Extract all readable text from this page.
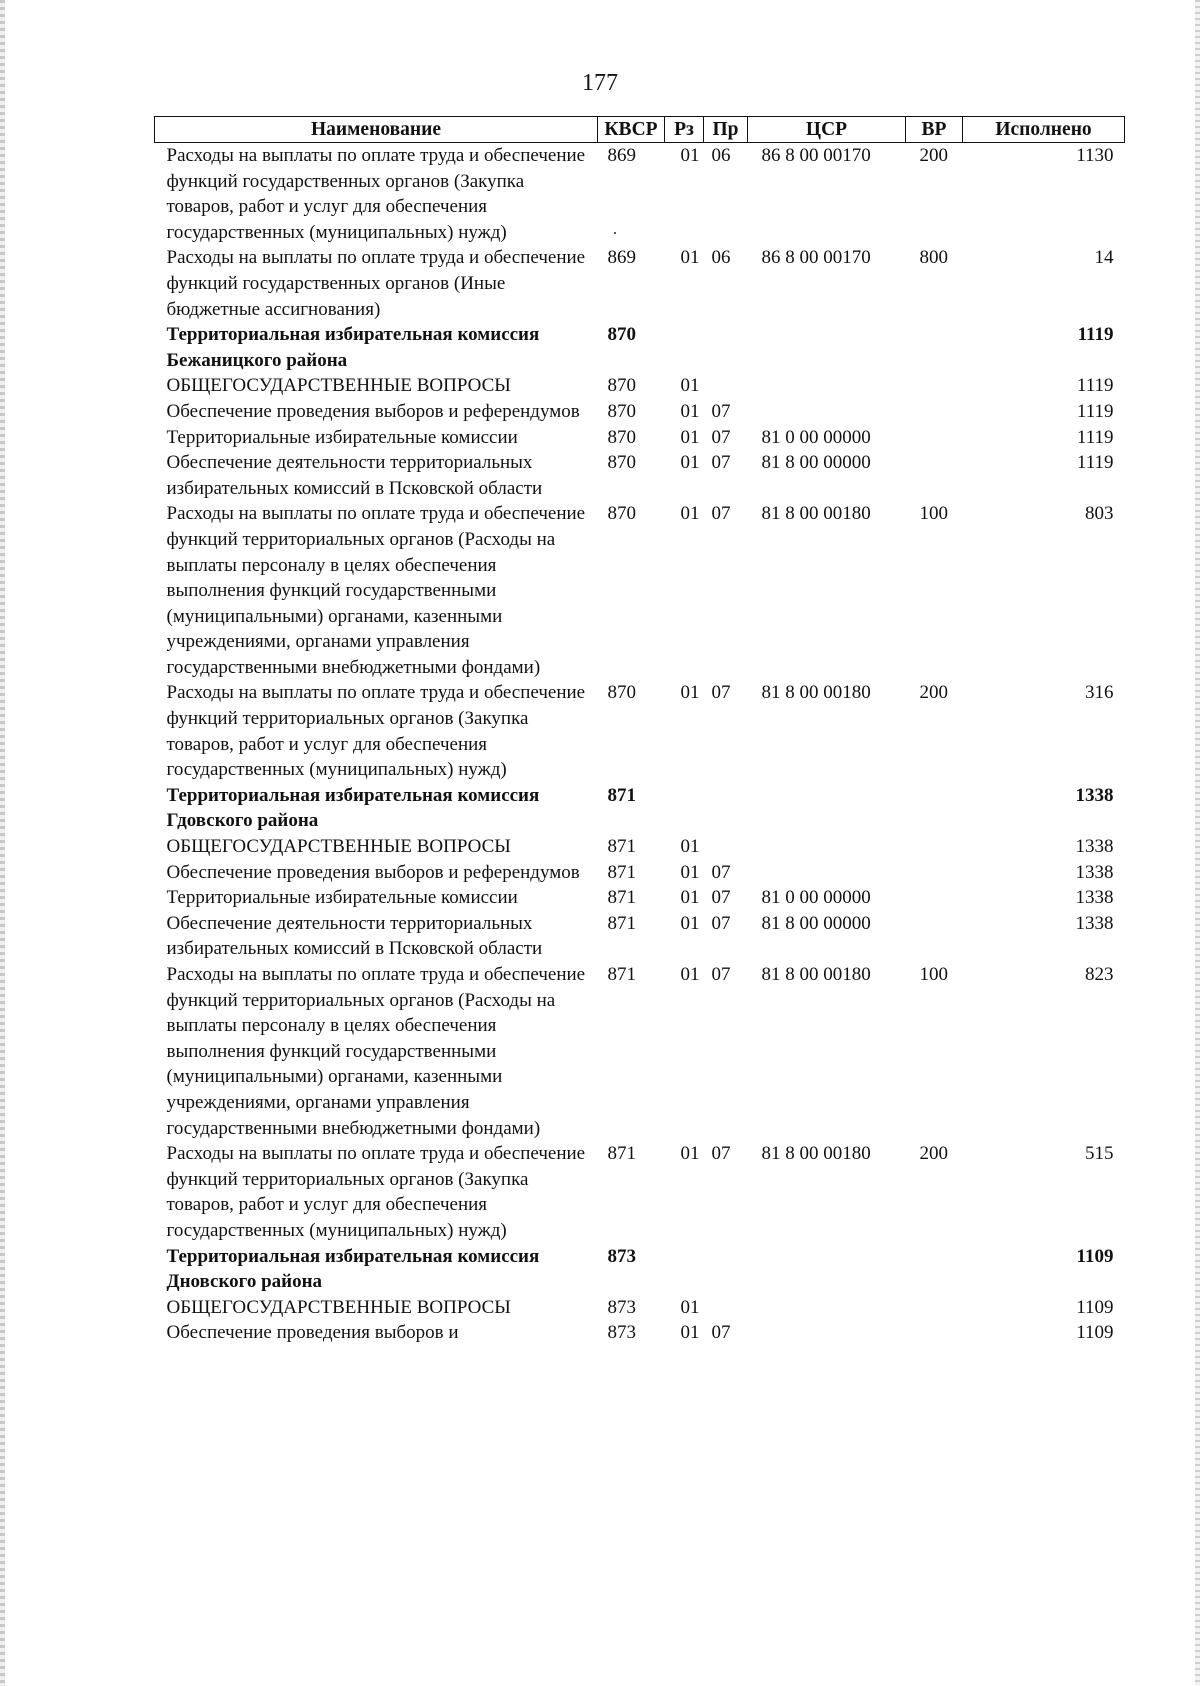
177
Наименование	КВСР	Рз	Пр	ЦСР	ВР	Исполнено
Расходы на выплаты по оплате труда и обеспечение функций государственных органов (Закупка товаров, работ и услуг для обеспечения государственных (муниципальных) нужд)	869	01	06	86 8 00 00170	200	1130
Расходы на выплаты по оплате труда и обеспечение функций государственных органов (Иные бюджетные ассигнования)	869	01	06	86 8 00 00170	800	14
Территориальная избирательная комиссия Бежаницкого района	870					1119
ОБЩЕГОСУДАРСТВЕННЫЕ ВОПРОСЫ	870	01				1119
Обеспечение проведения выборов и референдумов	870	01	07			1119
Территориальные избирательные комиссии	870	01	07	81 0 00 00000		1119
Обеспечение деятельности территориальных избирательных комиссий в Псковской области	870	01	07	81 8 00 00000		1119
Расходы на выплаты по оплате труда и обеспечение функций территориальных органов (Расходы на выплаты персоналу в целях обеспечения выполнения функций государственными (муниципальными) органами, казенными учреждениями, органами управления государственными внебюджетными фондами)	870	01	07	81 8 00 00180	100	803
Расходы на выплаты по оплате труда и обеспечение функций территориальных органов (Закупка товаров, работ и услуг для обеспечения государственных (муниципальных) нужд)	870	01	07	81 8 00 00180	200	316
Территориальная избирательная комиссия Гдовского района	871					1338
ОБЩЕГОСУДАРСТВЕННЫЕ ВОПРОСЫ	871	01				1338
Обеспечение проведения выборов и референдумов	871	01	07			1338
Территориальные избирательные комиссии	871	01	07	81 0 00 00000		1338
Обеспечение деятельности территориальных избирательных комиссий в Псковской области	871	01	07	81 8 00 00000		1338
Расходы на выплаты по оплате труда и обеспечение функций территориальных органов (Расходы на выплаты персоналу в целях обеспечения выполнения функций государственными (муниципальными) органами, казенными учреждениями, органами управления государственными внебюджетными фондами)	871	01	07	81 8 00 00180	100	823
Расходы на выплаты по оплате труда и обеспечение функций территориальных органов (Закупка товаров, работ и услуг для обеспечения государственных (муниципальных) нужд)	871	01	07	81 8 00 00180	200	515
Территориальная избирательная комиссия Дновского района	873					1109
ОБЩЕГОСУДАРСТВЕННЫЕ ВОПРОСЫ	873	01				1109
Обеспечение проведения выборов и	873	01	07			1109
